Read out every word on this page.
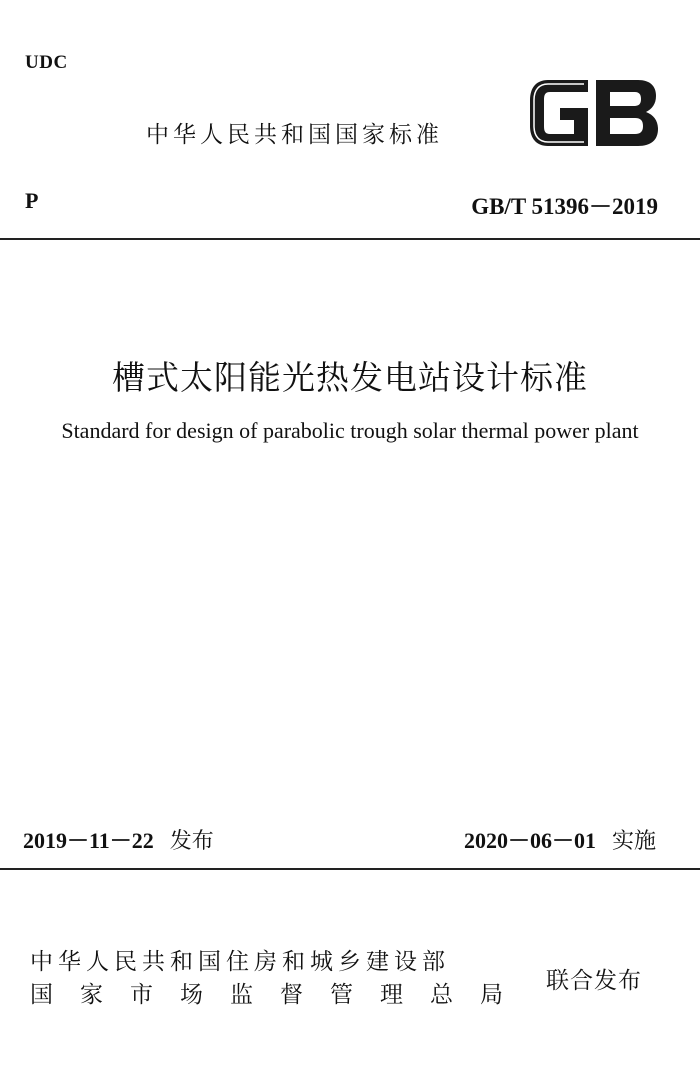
UDC
中华人民共和国国家标准
P	GB/T 51396－2019
槽式太阳能光热发电站设计标准
Standard for design of parabolic trough solar thermal power plant
2019－11－22 发布	2020－06－01 实施
中华人民共和国住房和城乡建设部
国家市场监督管理总局
联合发布
